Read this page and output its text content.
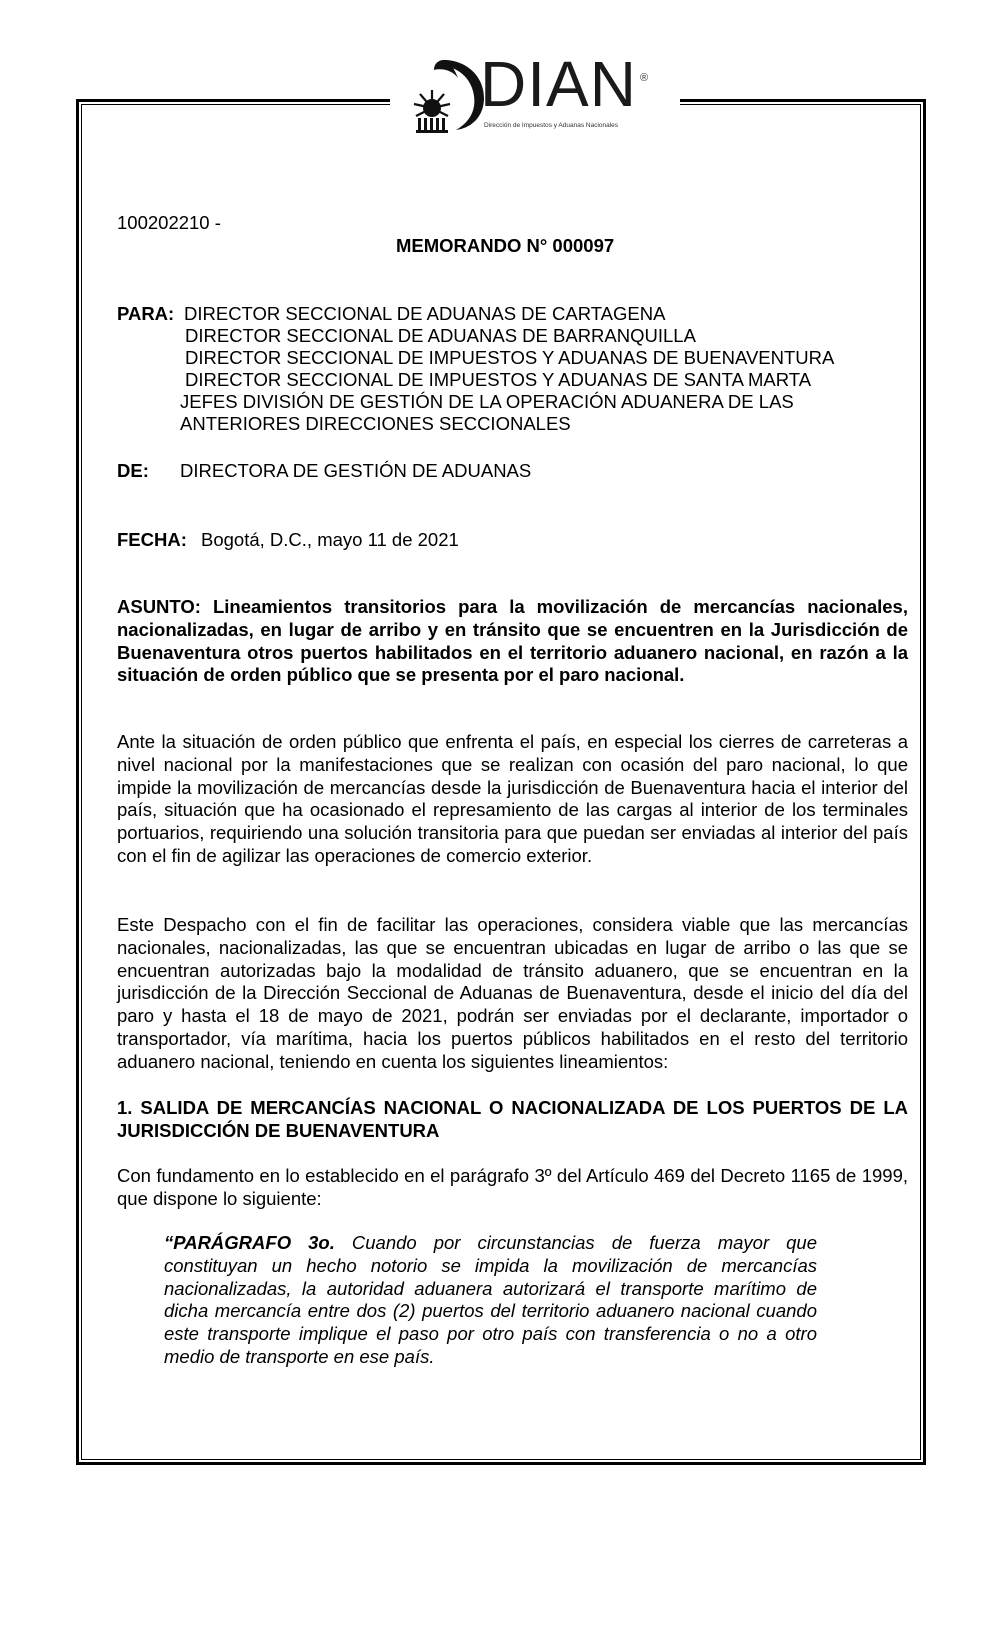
DIAN ®
Dirección de Impuestos y Aduanas Nacionales
100202210 -
MEMORANDO N° 000097
PARA: DIRECTOR SECCIONAL DE ADUANAS DE CARTAGENA
DIRECTOR SECCIONAL DE ADUANAS DE BARRANQUILLA
DIRECTOR SECCIONAL DE IMPUESTOS Y ADUANAS DE BUENAVENTURA
DIRECTOR SECCIONAL DE IMPUESTOS Y ADUANAS DE SANTA MARTA
JEFES DIVISIÓN DE GESTIÓN DE LA OPERACIÓN ADUANERA DE LAS
ANTERIORES DIRECCIONES SECCIONALES
DE: DIRECTORA DE GESTIÓN DE ADUANAS
FECHA: Bogotá, D.C., mayo 11 de 2021
ASUNTO: Lineamientos transitorios para la movilización de mercancías nacionales, nacionalizadas, en lugar de arribo y en tránsito que se encuentren en la Jurisdicción de Buenaventura otros puertos habilitados en el territorio aduanero nacional, en razón a la situación de orden público que se presenta por el paro nacional.
Ante la situación de orden público que enfrenta el país, en especial los cierres de carreteras a nivel nacional por la manifestaciones que se realizan con ocasión del paro nacional, lo que impide la movilización de mercancías desde la jurisdicción de Buenaventura hacia el interior del país, situación que ha ocasionado el represamiento de las cargas al interior de los terminales portuarios, requiriendo una solución transitoria para que puedan ser enviadas al interior del país con el fin de agilizar las operaciones de comercio exterior.
Este Despacho con el fin de facilitar las operaciones, considera viable que las mercancías nacionales, nacionalizadas, las que se encuentran ubicadas en lugar de arribo o las que se encuentran autorizadas bajo la modalidad de tránsito aduanero, que se encuentran en la jurisdicción de la Dirección Seccional de Aduanas de Buenaventura, desde el inicio del día del paro y hasta el 18 de mayo de 2021, podrán ser enviadas por el declarante, importador o transportador, vía marítima, hacia los puertos públicos habilitados en el resto del territorio aduanero nacional, teniendo en cuenta los siguientes lineamientos:
1. SALIDA DE MERCANCÍAS NACIONAL O NACIONALIZADA DE LOS PUERTOS DE LA JURISDICCIÓN DE BUENAVENTURA
Con fundamento en lo establecido en el parágrafo 3º del Artículo 469 del Decreto 1165 de 1999, que dispone lo siguiente:
“PARÁGRAFO 3o. Cuando por circunstancias de fuerza mayor que constituyan un hecho notorio se impida la movilización de mercancías nacionalizadas, la autoridad aduanera autorizará el transporte marítimo de dicha mercancía entre dos (2) puertos del territorio aduanero nacional cuando este transporte implique el paso por otro país con transferencia o no a otro medio de transporte en ese país.
